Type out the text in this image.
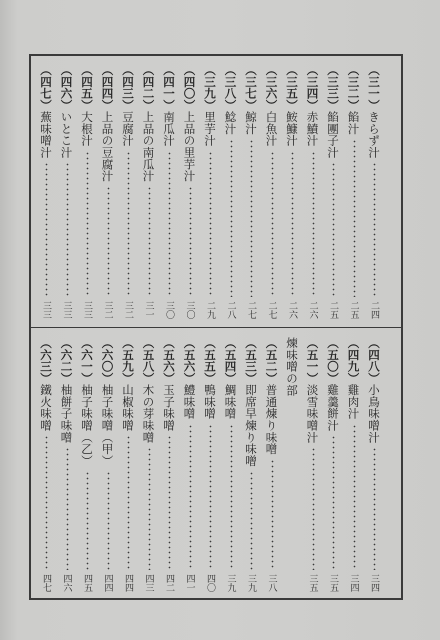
（三一）
きらず汁
二四
（三二）
餡汁
二五
（三三）
餡團子汁
二五
（三四）
赤鱝汁
二六
（三五）
鮟鱇汁
二六
（三六）
白魚汁
二七
（三七）
鯨汁
二七
（三八）
鯰汁
二八
（三九）
里芋汁
二九
（四〇）
上品の里芋汁
三〇
（四一）
南瓜汁
三〇
（四二）
上品の南瓜汁
三一
（四三）
豆腐汁
三二
（四四）
上品の豆腐汁
三二
（四五）
大根汁
三三
（四六）
いとこ汁
三三
（四七）
蕪味噌汁
三三
（四八）
小鳥味噌汁
三四
（四九）
雞肉汁
三四
（五〇）
雞羹餅汁
三五
（五一）
淡雪味噌汁
三五
煉味噌の部
（五二）
普通煉り味噌
三八
（五三）
即席早煉り味噌
三九
（五四）
鯛味噌
三九
（五五）
鴨味噌
四〇
（五六）
鱧味噌
四一
（五六）
玉子味噌
四二
（五八）
木の芽味噌
四三
（五九）
山椒味噌
四四
（六〇）
柚子味噌（甲）
四四
（六一）
柚子味噌（乙）
四五
（六二）
柚餅子味噌
四六
（六三）
鐵火味噌
四七
